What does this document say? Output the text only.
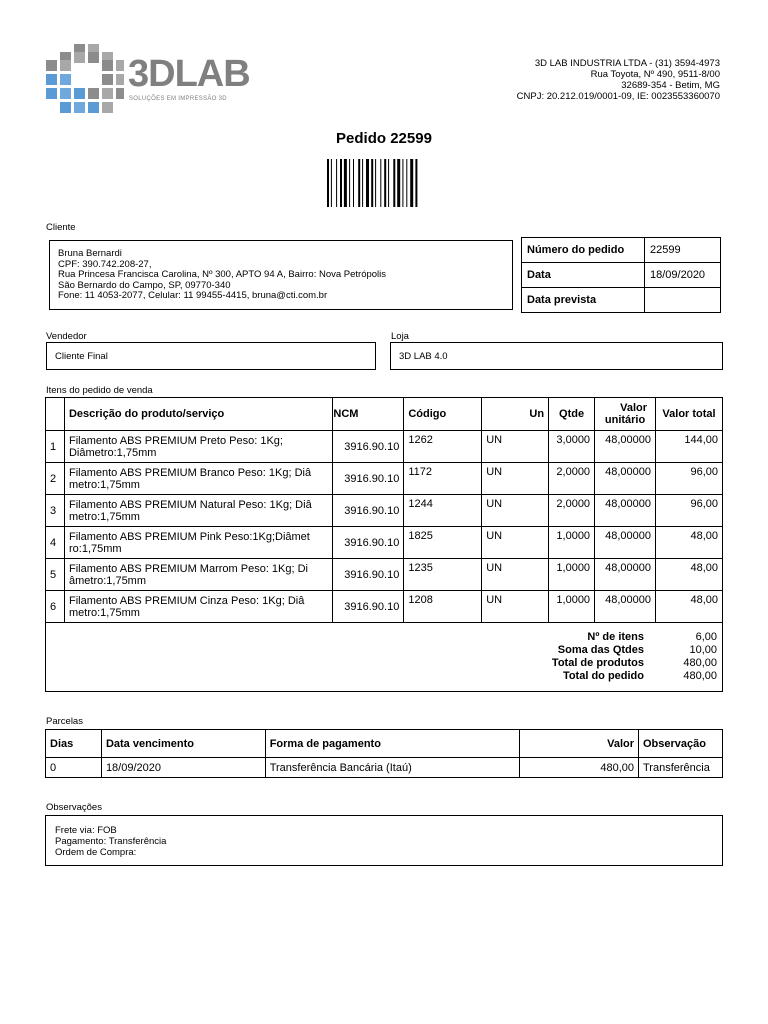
3DLAB
SOLUÇÕES EM IMPRESSÃO 3D
3D LAB INDUSTRIA LTDA - (31) 3594-4973
Rua Toyota, Nº 490, 9511-8/00
32689-354 - Betim, MG
CNPJ: 20.212.019/0001-09, IE: 0023553360070
Pedido 22599
Cliente
Bruna Bernardi
CPF: 390.742.208-27,
Rua Princesa Francisca Carolina, Nº 300, APTO 94 A, Bairro: Nova Petrópolis
São Bernardo do Campo, SP, 09770-340
Fone: 11 4053-2077, Celular: 11 99455-4415, bruna@cti.com.br
Número do pedido	22599
Data	18/09/2020
Data prevista	
Vendedor
Cliente Final
Loja
3D LAB 4.0
Itens do pedido de venda
	Descrição do produto/serviço	NCM	Código	Un	Qtde	Valor
unitário	Valor total
1	Filamento ABS PREMIUM Preto Peso: 1Kg;
Diâmetro:1,75mm	3916.90.10	1262	UN	3,0000	48,00000	144,00
2	Filamento ABS PREMIUM Branco Peso: 1Kg; Diâ
metro:1,75mm	3916.90.10	1172	UN	2,0000	48,00000	96,00
3	Filamento ABS PREMIUM Natural Peso: 1Kg; Diâ
metro:1,75mm	3916.90.10	1244	UN	2,0000	48,00000	96,00
4	Filamento ABS PREMIUM Pink Peso:1Kg;Diâmet
ro:1,75mm	3916.90.10	1825	UN	1,0000	48,00000	48,00
5	Filamento ABS PREMIUM Marrom Peso: 1Kg; Di
âmetro:1,75mm	3916.90.10	1235	UN	1,0000	48,00000	48,00
6	Filamento ABS PREMIUM Cinza Peso: 1Kg; Diâ
metro:1,75mm	3916.90.10	1208	UN	1,0000	48,00000	48,00
Nº de itens	6,00
Soma das Qtdes	10,00
Total de produtos	480,00
Total do pedido	480,00
Parcelas
Dias	Data vencimento	Forma de pagamento	Valor	Observação
0	18/09/2020	Transferência Bancária (Itaú)	480,00	Transferência
Observações
Frete via: FOB
Pagamento: Transferência
Ordem de Compra:
